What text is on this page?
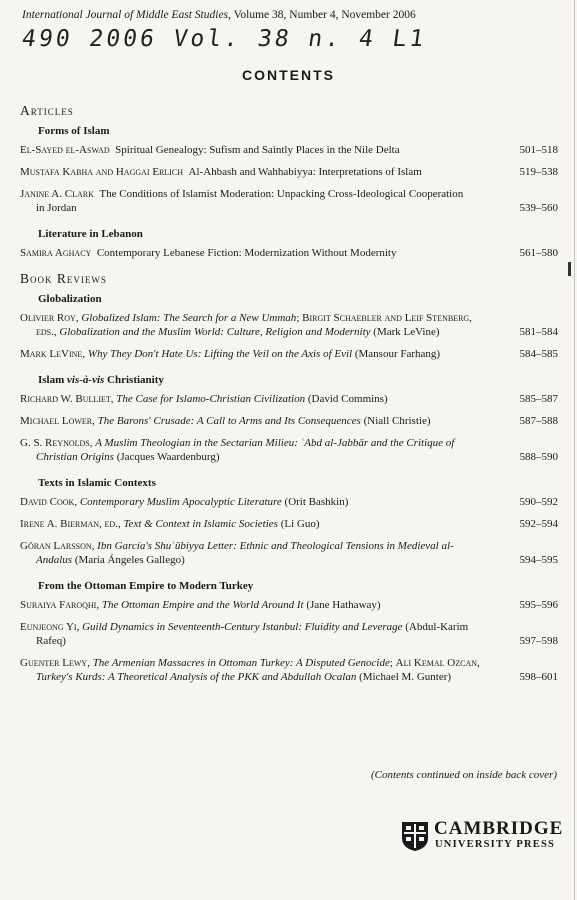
International Journal of Middle East Studies, Volume 38, Number 4, November 2006
490 2006 Vol. 38 n. 4 L1
CONTENTS
Articles
Forms of Islam
El-Sayed el-Aswad Spiritual Genealogy: Sufism and Saintly Places in the Nile Delta	501–518
Mustafa Kabha and Haggai Erlich Al-Ahbash and Wahhabiyya: Interpretations of Islam	519–538
Janine A. Clark The Conditions of Islamist Moderation: Unpacking Cross-Ideological Cooperation
in Jordan	539–560
Literature in Lebanon
Samira Aghacy Contemporary Lebanese Fiction: Modernization Without Modernity	561–580
Book Reviews
Globalization
Olivier Roy, Globalized Islam: The Search for a New Ummah; Birgit Schaebler and Leif Stenberg, eds., Globalization and the Muslim World: Culture, Religion and Modernity (Mark LeVine)	581–584
Mark LeVine, Why They Don't Hate Us: Lifting the Veil on the Axis of Evil (Mansour Farhang)	584–585
Islam vis-à-vis Christianity
Richard W. Bulliet, The Case for Islamo-Christian Civilization (David Commins)	585–587
Michael Lower, The Barons' Crusade: A Call to Arms and Its Consequences (Niall Christie)	587–588
G. S. Reynolds, A Muslim Theologian in the Sectarian Milieu: ʿAbd al-Jabbār and the Critique of Christian Origins (Jacques Waardenburg)	588–590
Texts in Islamic Contexts
David Cook, Contemporary Muslim Apocalyptic Literature (Orit Bashkin)	590–592
Irene A. Bierman, ed., Text & Context in Islamic Societies (Li Guo)	592–594
Göran Larsson, Ibn García's Shuʿūbiyya Letter: Ethnic and Theological Tensions in Medieval al-Andalus (María Ángeles Gallego)	594–595
From the Ottoman Empire to Modern Turkey
Suraiya Faroqhi, The Ottoman Empire and the World Around It (Jane Hathaway)	595–596
Eunjeong Yi, Guild Dynamics in Seventeenth-Century Istanbul: Fluidity and Leverage (Abdul-Karim Rafeq)	597–598
Guenter Lewy, The Armenian Massacres in Ottoman Turkey: A Disputed Genocide; Ali Kemal Ozcan, Turkey's Kurds: A Theoretical Analysis of the PKK and Abdullah Ocalan (Michael M. Gunter)	598–601
(Contents continued on inside back cover)
CAMBRIDGE
UNIVERSITY PRESS
